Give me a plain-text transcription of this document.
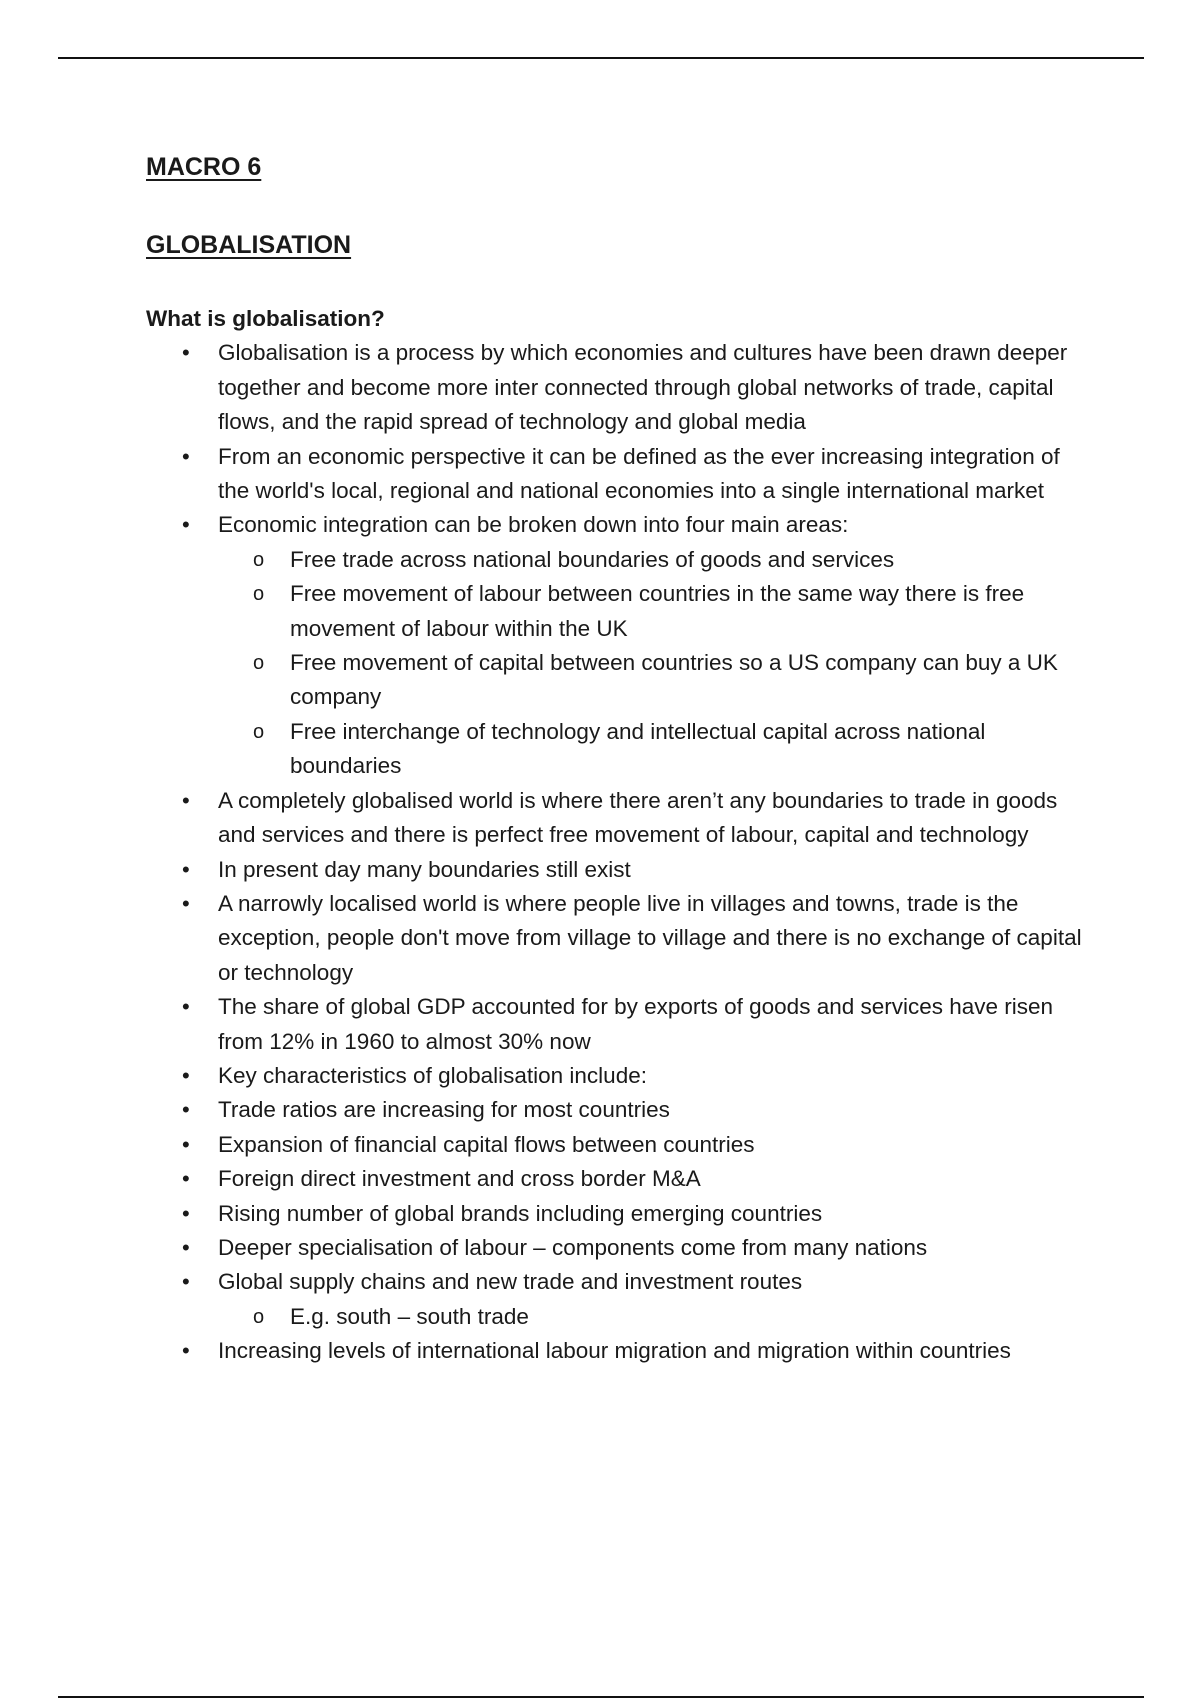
MACRO 6

GLOBALISATION

What is globalisation?

• Globalisation is a process by which economies and cultures have been drawn deeper together and become more inter connected through global networks of trade, capital flows, and the rapid spread of technology and global media
• From an economic perspective it can be defined as the ever increasing integration of the world's local, regional and national economies into a single international market
• Economic integration can be broken down into four main areas:
o Free trade across national boundaries of goods and services
o Free movement of labour between countries in the same way there is free movement of labour within the UK
o Free movement of capital between countries so a US company can buy a UK company
o Free interchange of technology and intellectual capital across national boundaries
• A completely globalised world is where there aren’t any boundaries to trade in goods and services and there is perfect free movement of labour, capital and technology
• In present day many boundaries still exist
• A narrowly localised world is where people live in villages and towns, trade is the exception, people don't move from village to village and there is no exchange of capital or technology
• The share of global GDP accounted for by exports of goods and services have risen from 12% in 1960 to almost 30% now
• Key characteristics of globalisation include:
• Trade ratios are increasing for most countries
• Expansion of financial capital flows between countries
• Foreign direct investment and cross border M&A
• Rising number of global brands including emerging countries
• Deeper specialisation of labour – components come from many nations
• Global supply chains and new trade and investment routes
o E.g. south – south trade
• Increasing levels of international labour migration and migration within countries
